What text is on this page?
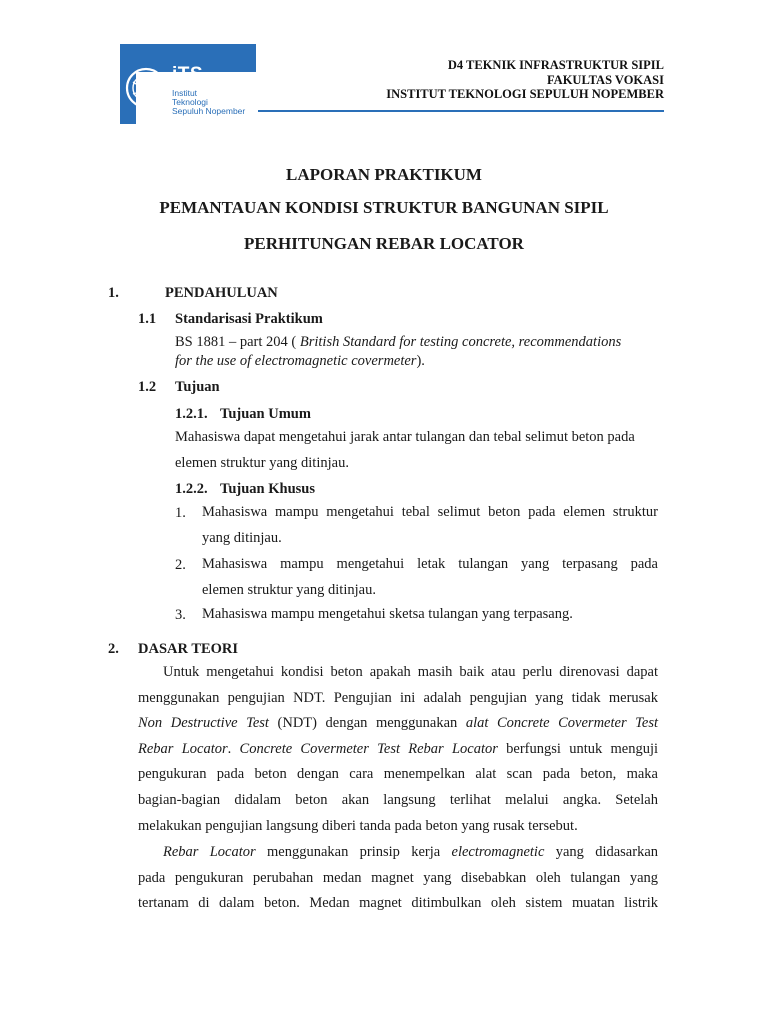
iTS
Institut
Teknologi
Sepuluh Nopember
D4 TEKNIK INFRASTRUKTUR SIPIL
FAKULTAS VOKASI
INSTITUT TEKNOLOGI SEPULUH NOPEMBER
LAPORAN PRAKTIKUM
PEMANTAUAN KONDISI STRUKTUR BANGUNAN SIPIL
PERHITUNGAN REBAR LOCATOR
1.	PENDAHULUAN
1.1 Standarisasi Praktikum
BS 1881 – part 204 ( British Standard for testing concrete, recommendations
for the use of electromagnetic covermeter).
1.2 Tujuan
1.2.1. Tujuan Umum
Mahasiswa dapat mengetahui jarak antar tulangan dan tebal selimut beton pada
elemen struktur yang ditinjau.
1.2.2. Tujuan Khusus
1. Mahasiswa mampu mengetahui tebal selimut beton pada elemen struktur
yang ditinjau.
2. Mahasiswa mampu mengetahui letak tulangan yang terpasang pada
elemen struktur yang ditinjau.
3. Mahasiswa mampu mengetahui sketsa tulangan yang terpasang.
2. DASAR TEORI
Untuk mengetahui kondisi beton apakah masih baik atau perlu direnovasi dapat
menggunakan pengujian NDT. Pengujian ini adalah pengujian yang tidak merusak
Non Destructive Test (NDT) dengan menggunakan alat Concrete Covermeter Test
Rebar Locator. Concrete Covermeter Test Rebar Locator berfungsi untuk menguji
pengukuran pada beton dengan cara menempelkan alat scan pada beton, maka
bagian-bagian didalam beton akan langsung terlihat melalui angka. Setelah
melakukan pengujian langsung diberi tanda pada beton yang rusak tersebut.
Rebar Locator menggunakan prinsip kerja electromagnetic yang didasarkan
pada pengukuran perubahan medan magnet yang disebabkan oleh tulangan yang
tertanam di dalam beton. Medan magnet ditimbulkan oleh sistem muatan listrik
